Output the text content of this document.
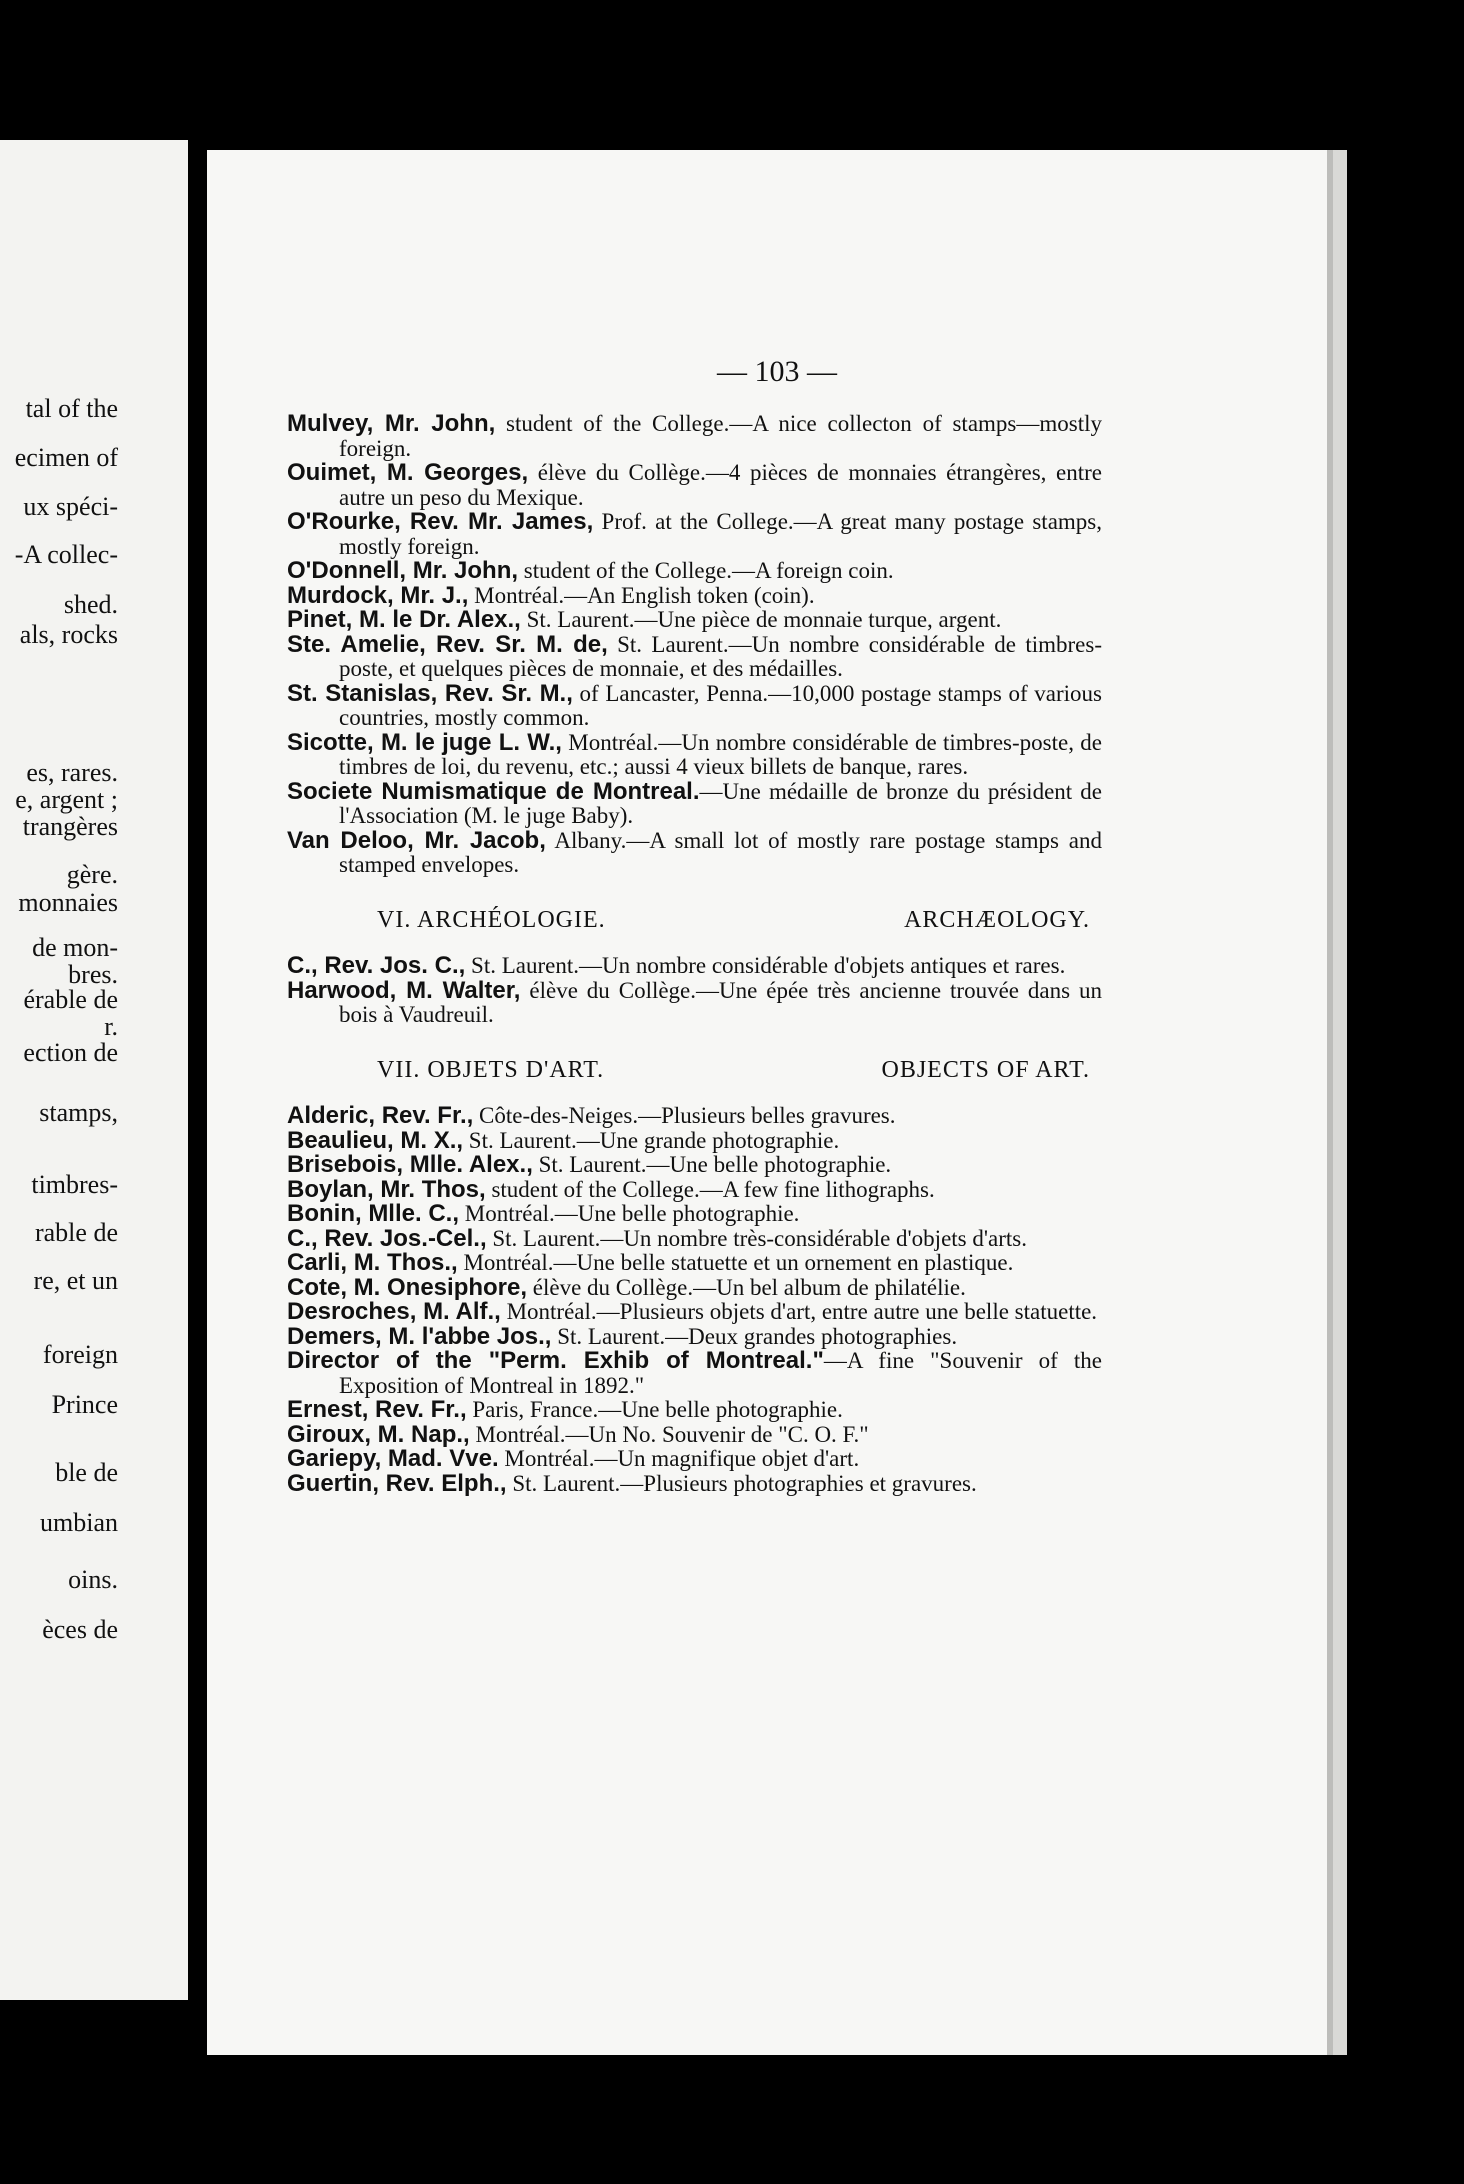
tal of the
ecimen of
ux spéci-
-A collec-
shed.
als, rocks
es, rares.
e, argent ;
trangères
gère.
monnaies
de mon-
bres.
érable de
r.
ection de
stamps,
timbres-
rable de
re, et un
foreign
Prince
ble de
umbian
oins.
èces de
— 103 —

Mulvey, Mr. John, student of the College.—A nice collecton of stamps—mostly foreign.

Ouimet, M. Georges, élève du Collège.—4 pièces de monnaies étrangères, entre autre un peso du Mexique.

O'Rourke, Rev. Mr. James, Prof. at the College.—A great many postage stamps, mostly foreign.

O'Donnell, Mr. John, student of the College.—A foreign coin.

Murdock, Mr. J., Montréal.—An English token (coin).

Pinet, M. le Dr. Alex., St. Laurent.—Une pièce de monnaie turque, argent.

Ste. Amelie, Rev. Sr. M. de, St. Laurent.—Un nombre considérable de timbres-poste, et quelques pièces de monnaie, et des médailles.

St. Stanislas, Rev. Sr. M., of Lancaster, Penna.—10,000 postage stamps of various countries, mostly common.

Sicotte, M. le juge L. W., Montréal.—Un nombre considérable de timbres-poste, de timbres de loi, du revenu, etc.; aussi 4 vieux billets de banque, rares.

Societe Numismatique de Montreal.—Une médaille de bronze du président de l'Association (M. le juge Baby).

Van Deloo, Mr. Jacob, Albany.—A small lot of mostly rare postage stamps and stamped envelopes.

VI. ARCHÉOLOGIE.	ARCHÆOLOGY.

C., Rev. Jos. C., St. Laurent.—Un nombre considérable d'objets antiques et rares.

Harwood, M. Walter, élève du Collège.—Une épée très ancienne trouvée dans un bois à Vaudreuil.

VII. OBJETS D'ART.	OBJECTS OF ART.

Alderic, Rev. Fr., Côte-des-Neiges.—Plusieurs belles gravures.

Beaulieu, M. X., St. Laurent.—Une grande photographie.

Brisebois, Mlle. Alex., St. Laurent.—Une belle photographie.

Boylan, Mr. Thos, student of the College.—A few fine lithographs.

Bonin, Mlle. C., Montréal.—Une belle photographie.

C., Rev. Jos.-Cel., St. Laurent.—Un nombre très-considérable d'objets d'arts.

Carli, M. Thos., Montréal.—Une belle statuette et un ornement en plastique.

Cote, M. Onesiphore, élève du Collège.—Un bel album de philatélie.

Desroches, M. Alf., Montréal.—Plusieurs objets d'art, entre autre une belle statuette.

Demers, M. l'abbe Jos., St. Laurent.—Deux grandes photographies.

Director of the "Perm. Exhib of Montreal."—A fine "Souvenir of the Exposition of Montreal in 1892."

Ernest, Rev. Fr., Paris, France.—Une belle photographie.

Giroux, M. Nap., Montréal.—Un No. Souvenir de "C. O. F."

Gariepy, Mad. Vve. Montréal.—Un magnifique objet d'art.

Guertin, Rev. Elph., St. Laurent.—Plusieurs photographies et gravures.
